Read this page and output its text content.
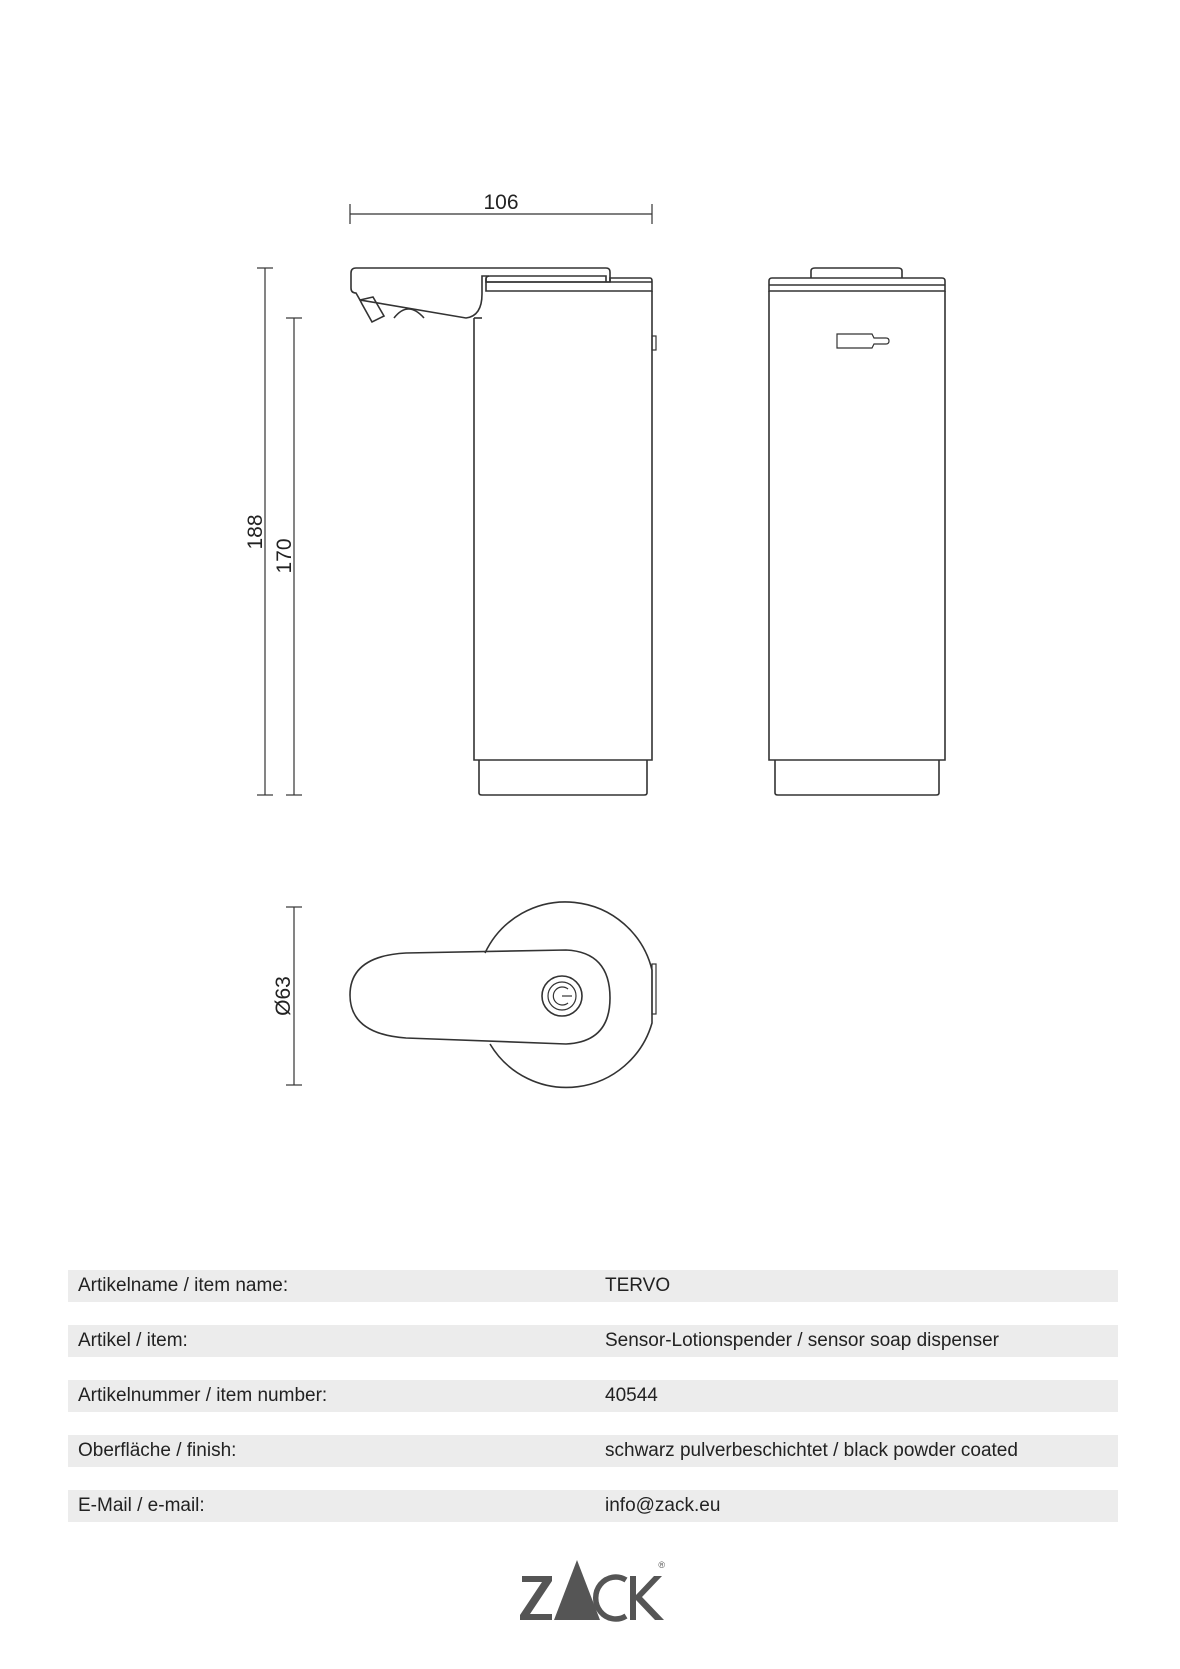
106
188
170
Ø63
Artikelname / item name:	TERVO
Artikel / item:	Sensor-Lotionspender / sensor soap dispenser
Artikelnummer / item number:	40544
Oberfläche / finish:	schwarz pulverbeschichtet / black powder coated
E-Mail / e-mail:	info@zack.eu
®
